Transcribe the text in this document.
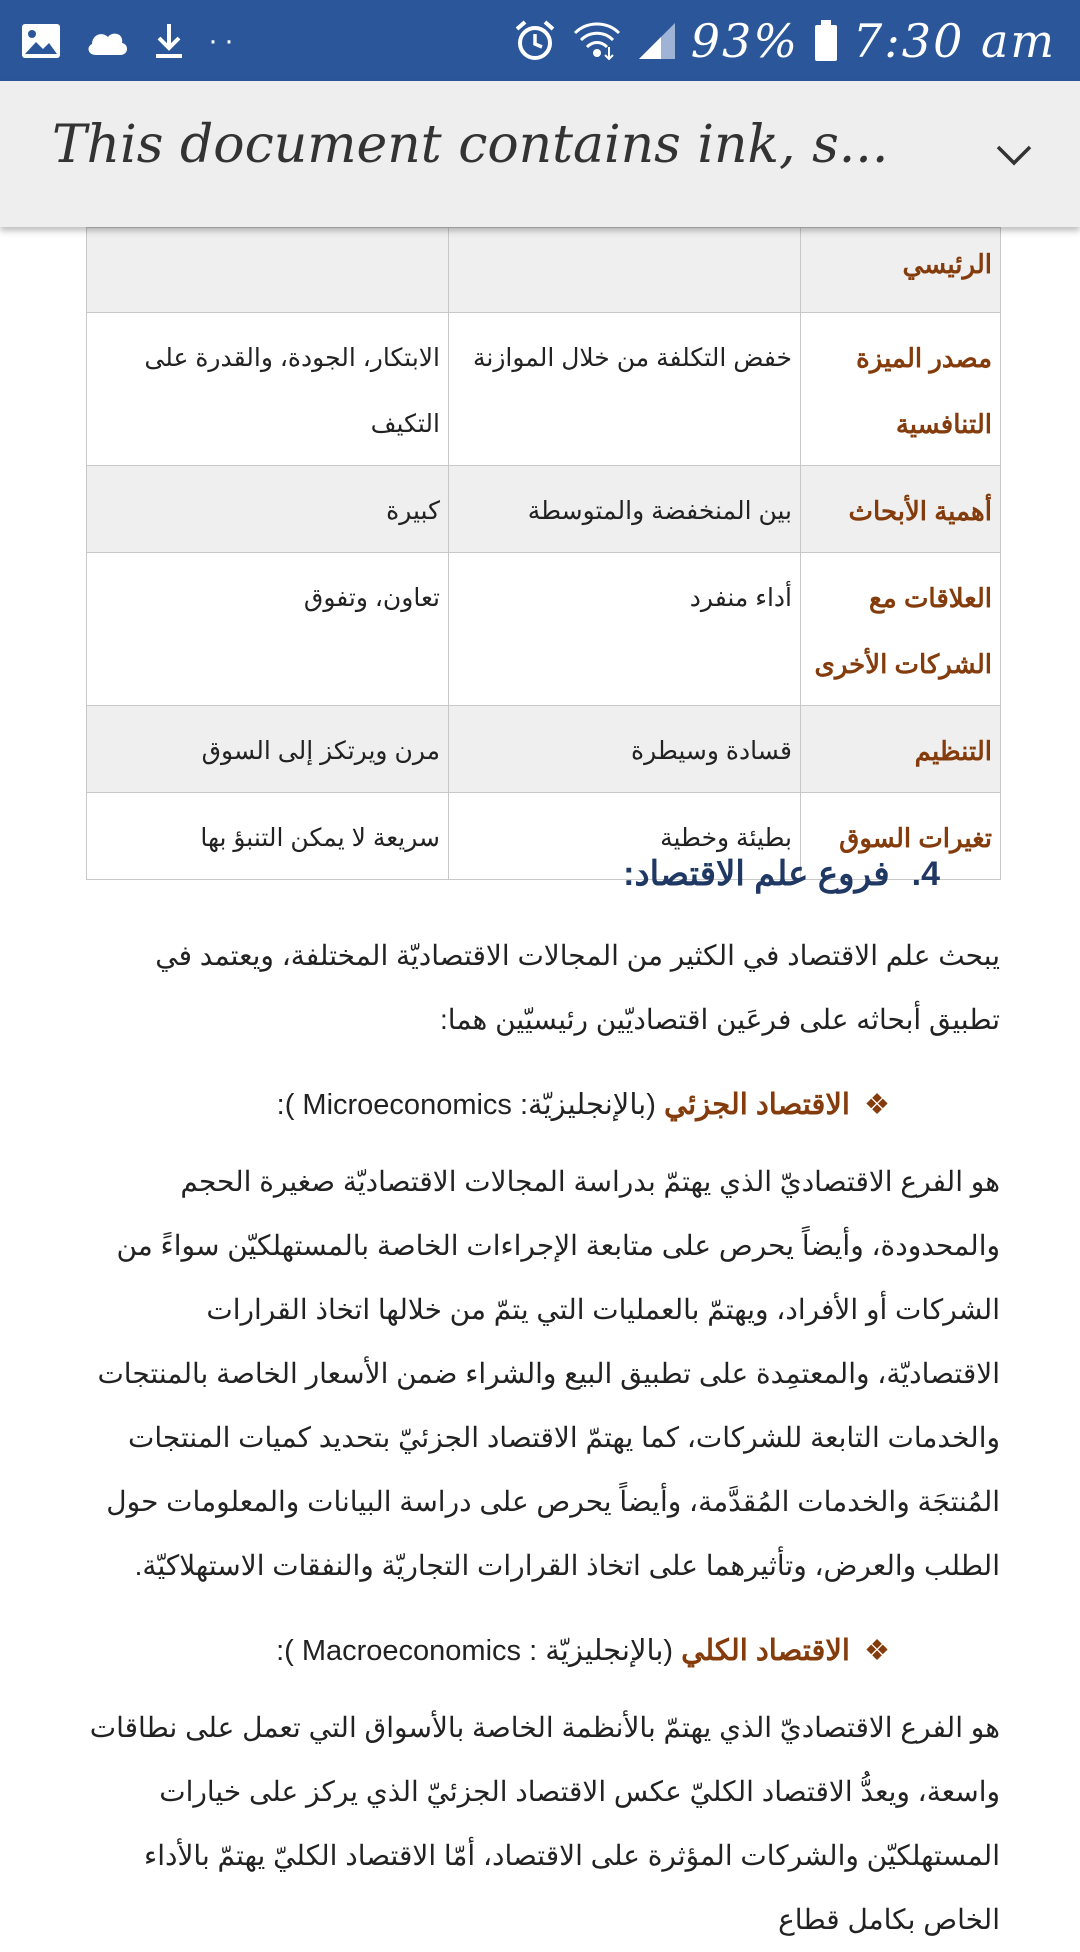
··	93% 7:30 am
This document contains ink, s...
الرئيسي		
مصدر الميزة التنافسية	خفض التكلفة من خلال الموازنة	الابتكار، الجودة، والقدرة على التكيف
أهمية الأبحاث	بين المنخفضة والمتوسطة	كبيرة
العلاقات مع الشركات الأخرى	أداء منفرد	تعاون، وتفوق
التنظيم	قسادة وسيطرة	مرن ويرتكز إلى السوق
تغيرات السوق	بطيئة وخطية	سريعة لا يمكن التنبؤ بها
4.فروع علم الاقتصاد:

يبحث علم الاقتصاد في الكثير من المجالات الاقتصاديّة المختلفة، ويعتمد في تطبيق أبحاثه على فرعَين اقتصاديّين رئيسيّين هما:

❖الاقتصاد الجزئي (بالإنجليزيّة: Microeconomics ):

هو الفرع الاقتصاديّ الذي يهتمّ بدراسة المجالات الاقتصاديّة صغيرة الحجم والمحدودة، وأيضاً يحرص على متابعة الإجراءات الخاصة بالمستهلكيّن سواءً من الشركات أو الأفراد، ويهتمّ بالعمليات التي يتمّ من خلالها اتخاذ القرارات الاقتصاديّة، والمعتمِدة على تطبيق البيع والشراء ضمن الأسعار الخاصة بالمنتجات والخدمات التابعة للشركات، كما يهتمّ الاقتصاد الجزئيّ بتحديد كميات المنتجات المُنتجَة والخدمات المُقدَّمة، وأيضاً يحرص على دراسة البيانات والمعلومات حول الطلب والعرض، وتأثيرهما على اتخاذ القرارات التجاريّة والنفقات الاستهلاكيّة.

❖الاقتصاد الكلي (بالإنجليزيّة : Macroeconomics ):

هو الفرع الاقتصاديّ الذي يهتمّ بالأنظمة الخاصة بالأسواق التي تعمل على نطاقات واسعة، ويعدُّ الاقتصاد الكليّ عكس الاقتصاد الجزئيّ الذي يركز على خيارات المستهلكيّن والشركات المؤثرة على الاقتصاد، أمّا الاقتصاد الكليّ يهتمّ بالأداء الخاص بكامل قطاع
